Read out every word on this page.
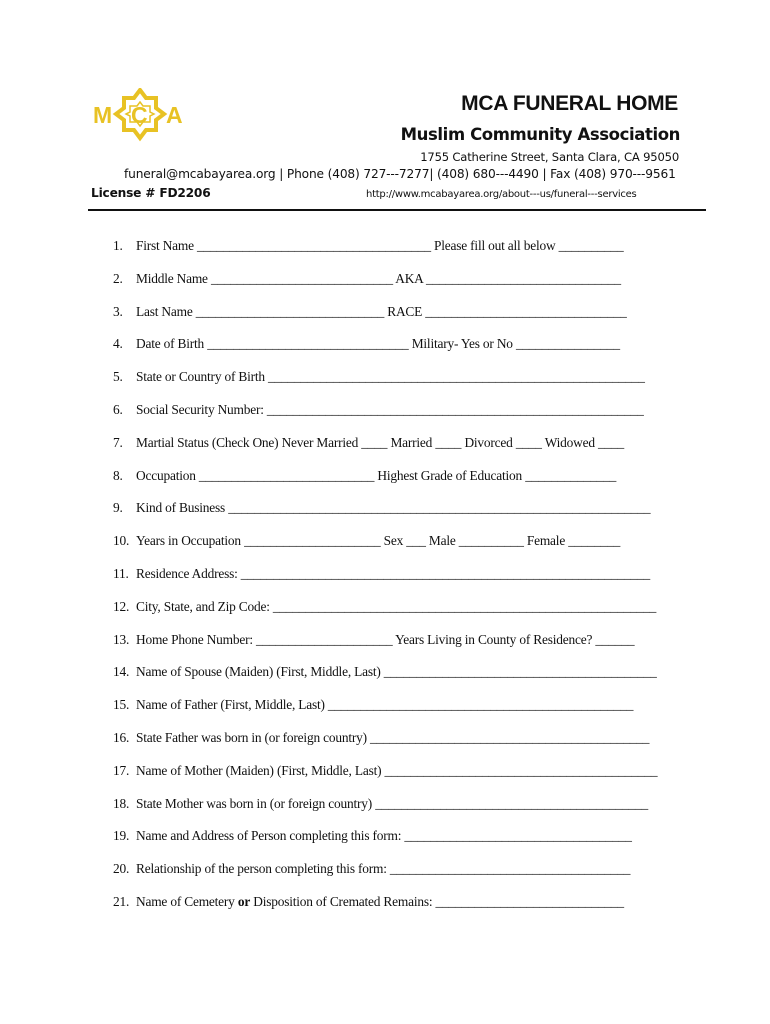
M C A	MCA FUNERAL HOME
Muslim Community Association
1755 Catherine Street, Santa Clara, CA 95050
funeral@mcabayarea.org | Phone (408) 727---7277| (408) 680---4490 | Fax (408) 970---9561
License # FD2206	http://www.mcabayarea.org/about---us/funeral---services
1. First Name ____________________________________ Please fill out all below __________
2. Middle Name ____________________________ AKA ______________________________
3. Last Name _____________________________ RACE _______________________________
4. Date of Birth _______________________________ Military- Yes or No ________________
5. State or Country of Birth __________________________________________________________
6. Social Security Number: __________________________________________________________
7. Martial Status (Check One) Never Married ____ Married ____ Divorced ____ Widowed ____
8. Occupation ___________________________ Highest Grade of Education ______________
9. Kind of Business _________________________________________________________________
10. Years in Occupation _____________________ Sex ___ Male __________ Female ________
11. Residence Address: _______________________________________________________________
12. City, State, and Zip Code: ___________________________________________________________
13. Home Phone Number: _____________________ Years Living in County of Residence? ______
14. Name of Spouse (Maiden) (First, Middle, Last) __________________________________________
15. Name of Father (First, Middle, Last) _______________________________________________
16. State Father was born in (or foreign country) ___________________________________________
17. Name of Mother (Maiden) (First, Middle, Last) __________________________________________
18. State Mother was born in (or foreign country) __________________________________________
19. Name and Address of Person completing this form: ___________________________________
20. Relationship of the person completing this form: _____________________________________
21. Name of Cemetery or Disposition of Cremated Remains: _____________________________
